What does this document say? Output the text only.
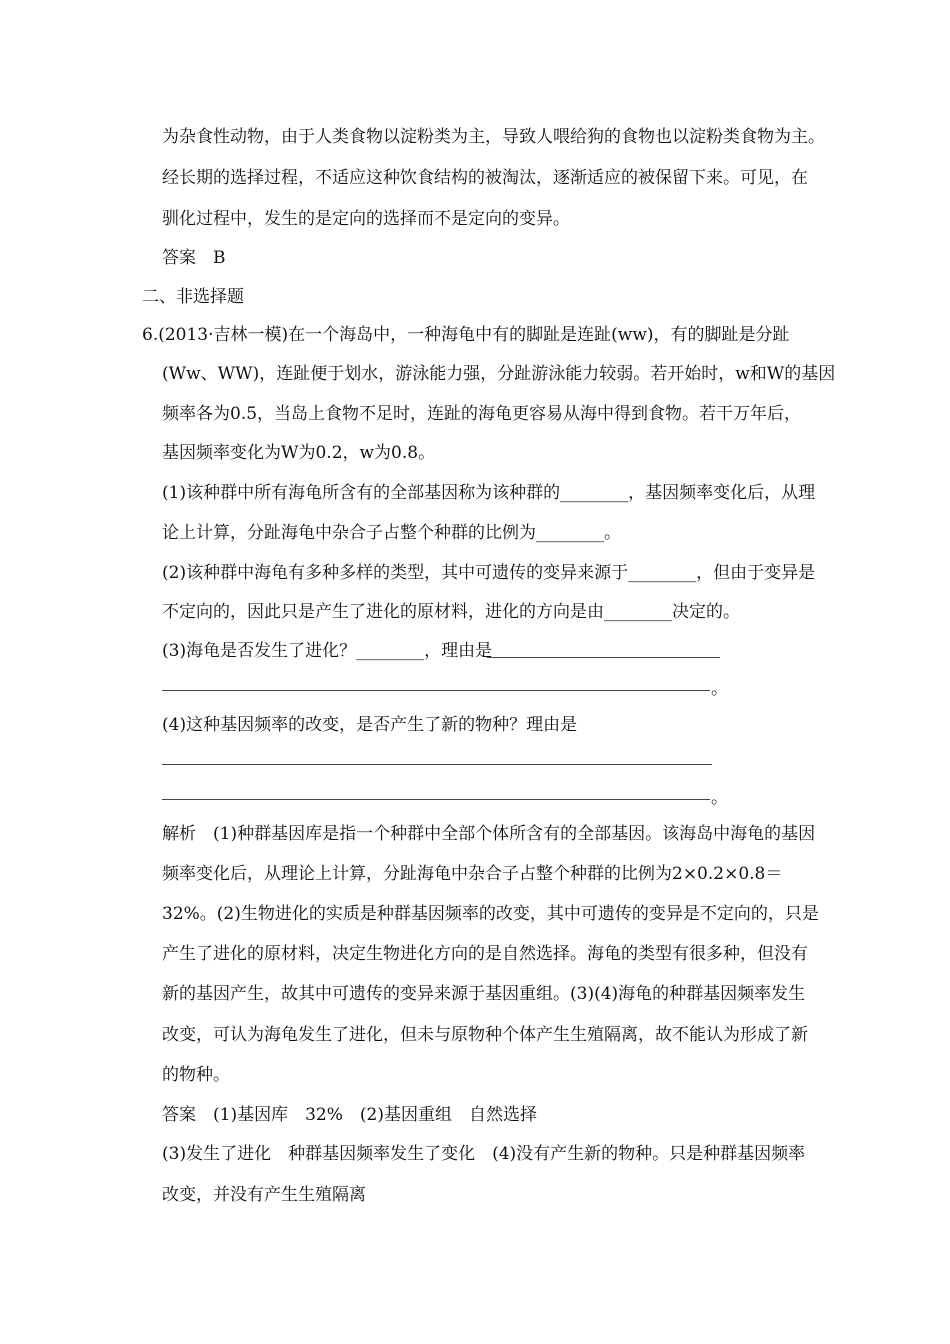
为杂食性动物，由于人类食物以淀粉类为主，导致人喂给狗的食物也以淀粉类食物为主。
经长期的选择过程，不适应这种饮食结构的被淘汰，逐渐适应的被保留下来。可见，在
驯化过程中，发生的是定向的选择而不是定向的变异。
答案　B
二、非选择题
6.(2013·吉林一模)在一个海岛中，一种海龟中有的脚趾是连趾(ww)，有的脚趾是分趾
(Ww、WW)，连趾便于划水，游泳能力强，分趾游泳能力较弱。若开始时，w和W的基因
频率各为0.5，当岛上食物不足时，连趾的海龟更容易从海中得到食物。若干万年后，
基因频率变化为W为0.2，w为0.8。
(1)该种群中所有海龟所含有的全部基因称为该种群的________，基因频率变化后，从理
论上计算，分趾海龟中杂合子占整个种群的比例为________。
(2)该种群中海龟有多种多样的类型，其中可遗传的变异来源于________，但由于变异是
不定向的，因此只是产生了进化的原材料，进化的方向是由________决定的。
(3)海龟是否发生了进化？________，理由是
。
(4)这种基因频率的改变，是否产生了新的物种？理由是
。
解析　(1)种群基因库是指一个种群中全部个体所含有的全部基因。该海岛中海龟的基因
频率变化后，从理论上计算，分趾海龟中杂合子占整个种群的比例为2×0.2×0.8＝
32%。(2)生物进化的实质是种群基因频率的改变，其中可遗传的变异是不定向的，只是
产生了进化的原材料，决定生物进化方向的是自然选择。海龟的类型有很多种，但没有
新的基因产生，故其中可遗传的变异来源于基因重组。(3)(4)海龟的种群基因频率发生
改变，可认为海龟发生了进化，但未与原物种个体产生生殖隔离，故不能认为形成了新
的物种。
答案　(1)基因库　32%　(2)基因重组　自然选择
(3)发生了进化　种群基因频率发生了变化　(4)没有产生新的物种。只是种群基因频率
改变，并没有产生生殖隔离
